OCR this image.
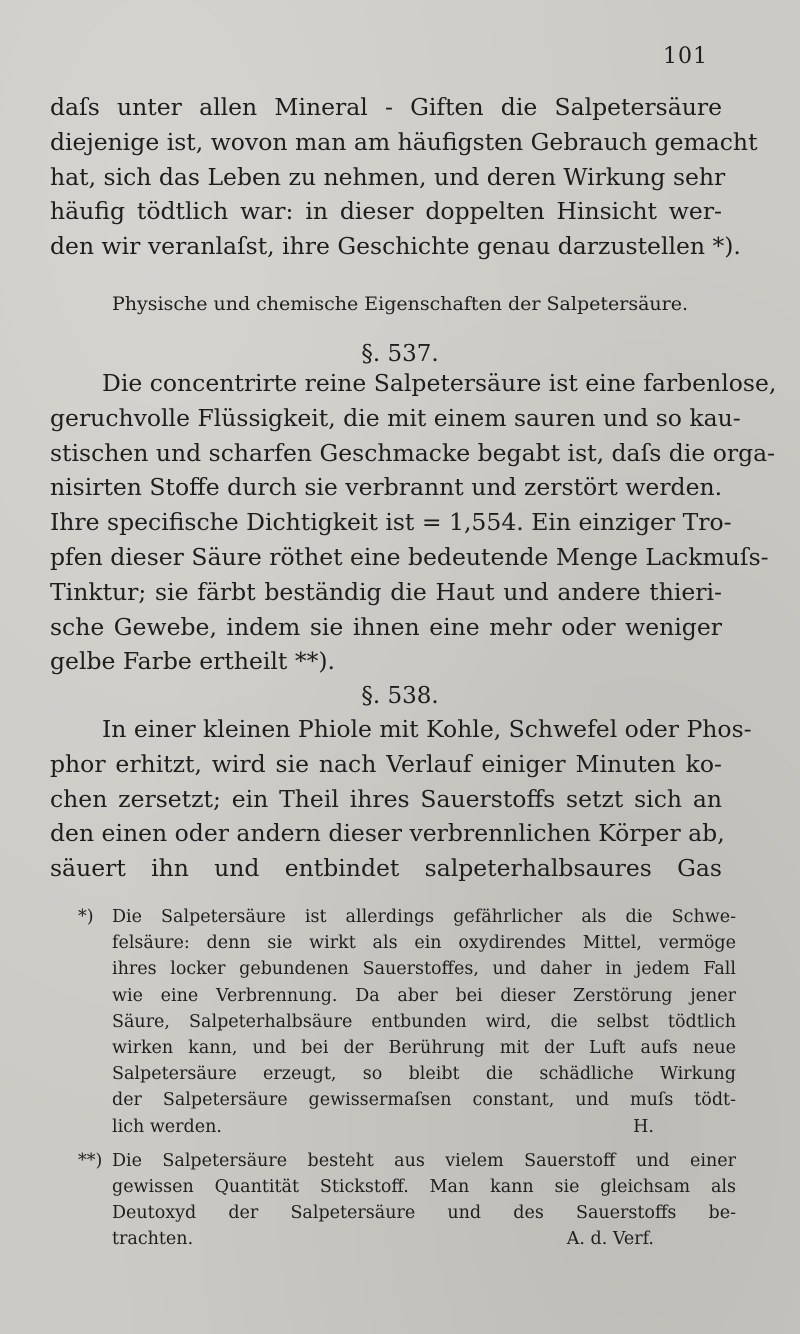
101

daſs unter allen Mineral - Giften die Salpetersäure
diejenige ist, wovon man am häufigsten Gebrauch gemacht
hat, sich das Leben zu nehmen, und deren Wirkung sehr
häufig tödtlich war: in dieser doppelten Hinsicht wer-
den wir veranlaſst, ihre Geschichte genau darzustellen *).

Physische und chemische Eigenschaften der Salpetersäure.
§. 537.

Die concentrirte reine Salpetersäure ist eine farbenlose,
geruchvolle Flüssigkeit, die mit einem sauren und so kau-
stischen und scharfen Geschmacke begabt ist, daſs die orga-
nisirten Stoffe durch sie verbrannt und zerstört werden.
Ihre specifische Dichtigkeit ist = 1,554. Ein einziger Tro-
pfen dieser Säure röthet eine bedeutende Menge Lackmuſs-
Tinktur; sie färbt beständig die Haut und andere thieri-
sche Gewebe, indem sie ihnen eine mehr oder weniger
gelbe Farbe ertheilt **).

§. 538.

In einer kleinen Phiole mit Kohle, Schwefel oder Phos-
phor erhitzt, wird sie nach Verlauf einiger Minuten ko-
chen zersetzt; ein Theil ihres Sauerstoffs setzt sich an
den einen oder andern dieser verbrennlichen Körper ab,
säuert ihn und entbindet salpeterhalbsaures Gas

*) Die Salpetersäure ist allerdings gefährlicher als die Schwe-
felsäure: denn sie wirkt als ein oxydirendes Mittel, vermöge
ihres locker gebundenen Sauerstoffes, und daher in jedem Fall
wie eine Verbrennung. Da aber bei dieser Zerstörung jener
Säure, Salpeterhalbsäure entbunden wird, die selbst tödtlich
wirken kann, und bei der Berührung mit der Luft aufs neue
Salpetersäure erzeugt, so bleibt die schädliche Wirkung
der Salpetersäure gewissermaſsen constant, und muſs tödt-
lich werden.	H.
**) Die Salpetersäure besteht aus vielem Sauerstoff und einer
gewissen Quantität Stickstoff. Man kann sie gleichsam als
Deutoxyd der Salpetersäure und des Sauerstoffs be-
trachten.	A. d. Verf.
